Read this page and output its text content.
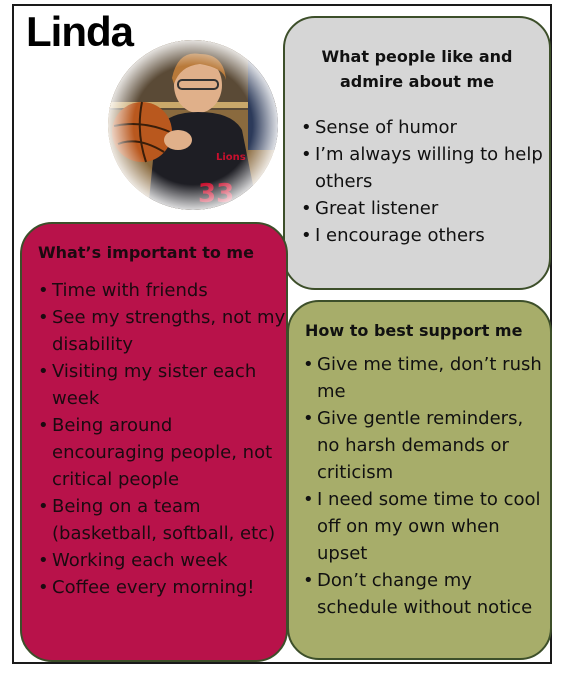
Linda
What people like and admire about me
• Sense of humor
• I’m always willing to help others
• Great listener
• I encourage others
What’s important to me
• Time with friends
• See my strengths, not my disability
• Visiting my sister each week
• Being around encouraging people, not critical people
• Being on a team (basketball, softball, etc)
• Working each week
• Coffee every morning!
How to best support me
• Give me time, don’t rush me
• Give gentle reminders, no harsh demands or criticism
• I need some time to cool off on my own when upset
• Don’t change my schedule without notice
